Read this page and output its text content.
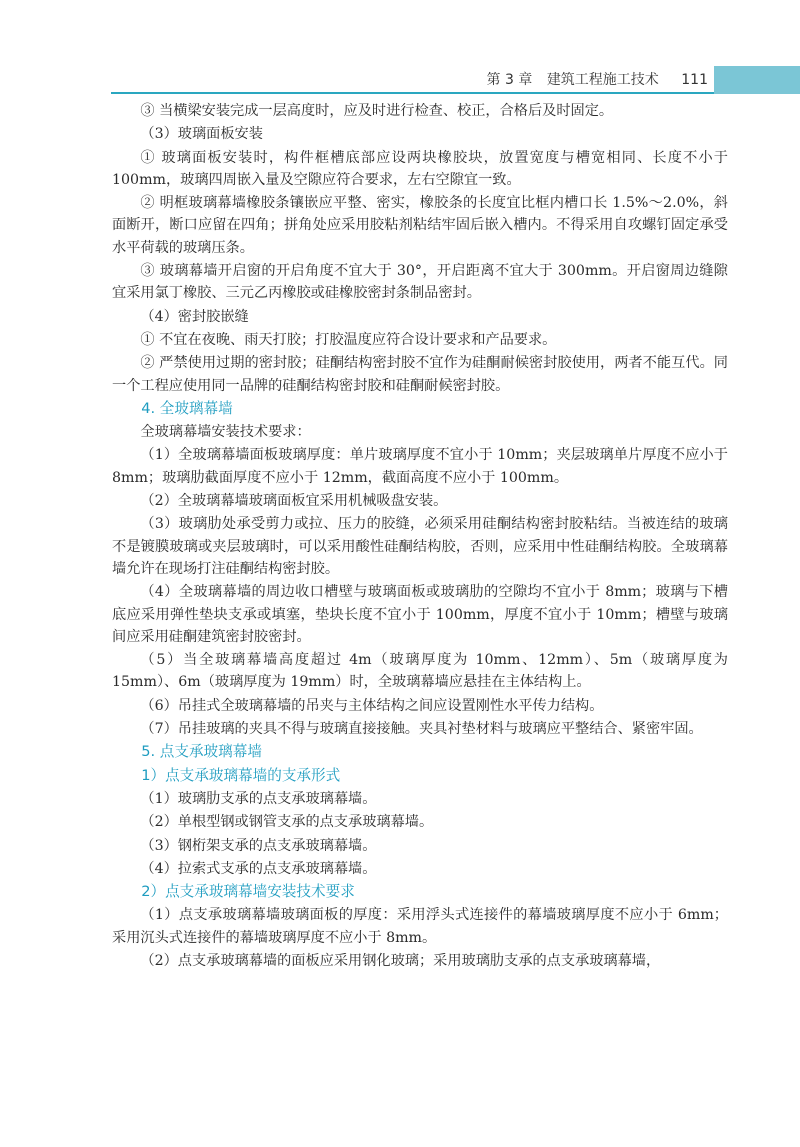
第 3 章 建筑工程施工技术 111

③ 当横梁安装完成一层高度时，应及时进行检查、校正，合格后及时固定。

（3）玻璃面板安装

① 玻璃面板安装时，构件框槽底部应设两块橡胶块，放置宽度与槽宽相同、长度不小于 100mm，玻璃四周嵌入量及空隙应符合要求，左右空隙宜一致。

② 明框玻璃幕墙橡胶条镶嵌应平整、密实，橡胶条的长度宜比框内槽口长 1.5%～2.0%，斜面断开，断口应留在四角；拼角处应采用胶粘剂粘结牢固后嵌入槽内。不得采用自攻螺钉固定承受水平荷载的玻璃压条。

③ 玻璃幕墙开启窗的开启角度不宜大于 30°，开启距离不宜大于 300mm。开启窗周边缝隙宜采用氯丁橡胶、三元乙丙橡胶或硅橡胶密封条制品密封。

（4）密封胶嵌缝

① 不宜在夜晚、雨天打胶；打胶温度应符合设计要求和产品要求。

② 严禁使用过期的密封胶；硅酮结构密封胶不宜作为硅酮耐候密封胶使用，两者不能互代。同一个工程应使用同一品牌的硅酮结构密封胶和硅酮耐候密封胶。

4. 全玻璃幕墙

全玻璃幕墙安装技术要求：

（1）全玻璃幕墙面板玻璃厚度：单片玻璃厚度不宜小于 10mm；夹层玻璃单片厚度不应小于 8mm；玻璃肋截面厚度不应小于 12mm，截面高度不应小于 100mm。

（2）全玻璃幕墙玻璃面板宜采用机械吸盘安装。

（3）玻璃肋处承受剪力或拉、压力的胶缝，必须采用硅酮结构密封胶粘结。当被连结的玻璃不是镀膜玻璃或夹层玻璃时，可以采用酸性硅酮结构胶，否则，应采用中性硅酮结构胶。全玻璃幕墙允许在现场打注硅酮结构密封胶。

（4）全玻璃幕墙的周边收口槽壁与玻璃面板或玻璃肋的空隙均不宜小于 8mm；玻璃与下槽底应采用弹性垫块支承或填塞，垫块长度不宜小于 100mm，厚度不宜小于 10mm；槽壁与玻璃间应采用硅酮建筑密封胶密封。

（5）当全玻璃幕墙高度超过 4m（玻璃厚度为 10mm、12mm）、5m（玻璃厚度为 15mm）、6m（玻璃厚度为 19mm）时，全玻璃幕墙应悬挂在主体结构上。

（6）吊挂式全玻璃幕墙的吊夹与主体结构之间应设置刚性水平传力结构。

（7）吊挂玻璃的夹具不得与玻璃直接接触。夹具衬垫材料与玻璃应平整结合、紧密牢固。

5. 点支承玻璃幕墙

1）点支承玻璃幕墙的支承形式

（1）玻璃肋支承的点支承玻璃幕墙。

（2）单根型钢或钢管支承的点支承玻璃幕墙。

（3）钢桁架支承的点支承玻璃幕墙。

（4）拉索式支承的点支承玻璃幕墙。

2）点支承玻璃幕墙安装技术要求

（1）点支承玻璃幕墙玻璃面板的厚度：采用浮头式连接件的幕墙玻璃厚度不应小于 6mm；采用沉头式连接件的幕墙玻璃厚度不应小于 8mm。

（2）点支承玻璃幕墙的面板应采用钢化玻璃；采用玻璃肋支承的点支承玻璃幕墙，
